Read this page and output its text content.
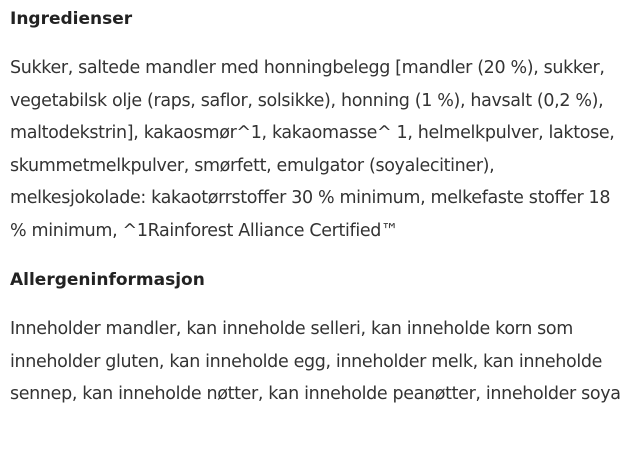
Ingredienser

Sukker, saltede mandler med honningbelegg [mandler (20 %), sukker, vegetabilsk olje (raps, saflor, solsikke), honning (1 %), havsalt (0,2 %), maltodekstrin], kakaosmør^1, kakaomasse^ 1, helmelkpulver, laktose, skummetmelkpulver, smørfett, emulgator (soyalecitiner), melkesjokolade: kakaotørrstoffer 30 % minimum, melkefaste stoffer 18 % minimum, ^1Rainforest Alliance Certified™

Allergeninformasjon

Inneholder mandler, kan inneholde selleri, kan inneholde korn som inneholder gluten, kan inneholde egg, inneholder melk, kan inneholde sennep, kan inneholde nøtter, kan inneholde peanøtter, inneholder soya
